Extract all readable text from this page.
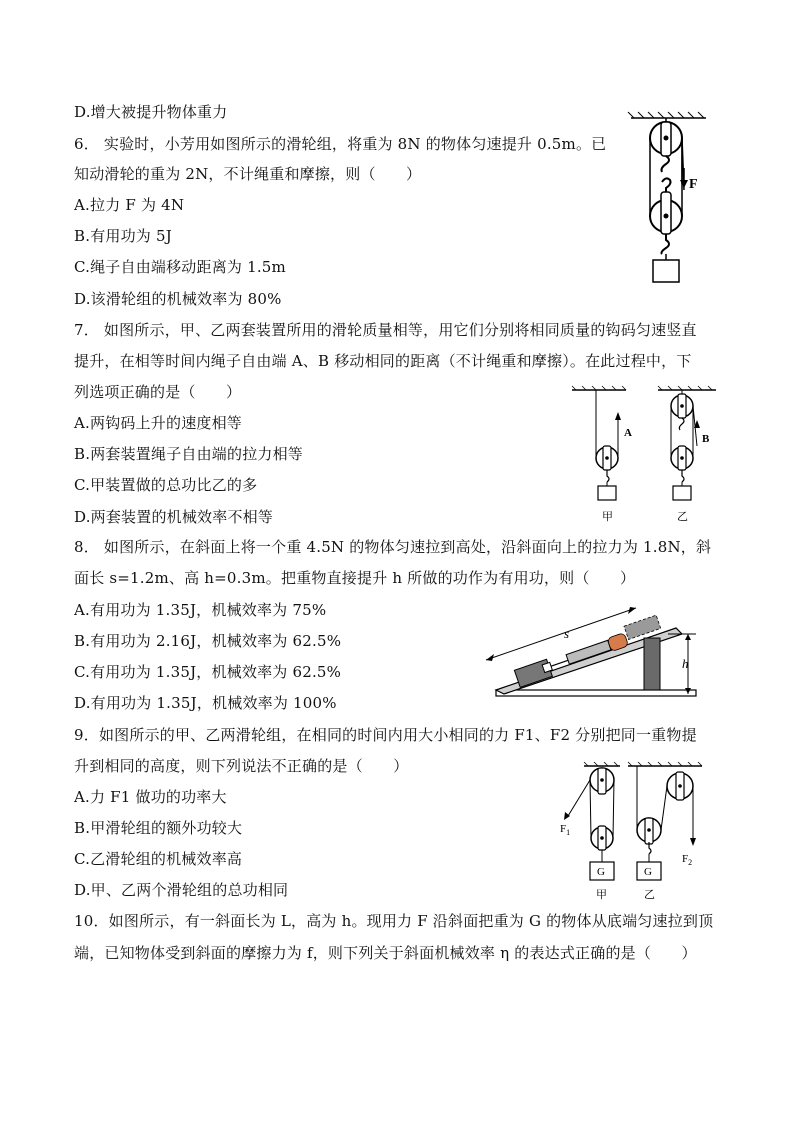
D.增大被提升物体重力
6． 实验时，小芳用如图所示的滑轮组，将重为 8N 的物体匀速提升 0.5m。已
知动滑轮的重为 2N，不计绳重和摩擦，则（　　）
A.拉力 F 为 4N
B.有用功为 5J
C.绳子自由端移动距离为 1.5m
D.该滑轮组的机械效率为 80%
7． 如图所示，甲、乙两套装置所用的滑轮质量相等，用它们分别将相同质量的钩码匀速竖直
提升，在相等时间内绳子自由端 A、B 移动相同的距离（不计绳重和摩擦）。在此过程中，下
列选项正确的是（　　）
A.两钩码上升的速度相等
B.两套装置绳子自由端的拉力相等
C.甲装置做的总功比乙的多
D.两套装置的机械效率不相等
8． 如图所示，在斜面上将一个重 4.5N 的物体匀速拉到高处，沿斜面向上的拉力为 1.8N，斜
面长 s=1.2m、高 h=0.3m。把重物直接提升 h 所做的功作为有用功，则（　　）
A.有用功为 1.35J，机械效率为 75%
B.有用功为 2.16J，机械效率为 62.5%
C.有用功为 1.35J，机械效率为 62.5%
D.有用功为 1.35J，机械效率为 100%
9．如图所示的甲、乙两滑轮组，在相同的时间内用大小相同的力 F1、F2 分别把同一重物提
升到相同的高度，则下列说法不正确的是（　　）
A.力 F1 做功的功率大
B.甲滑轮组的额外功较大
C.乙滑轮组的机械效率高
D.甲、乙两个滑轮组的总功相同
10．如图所示，有一斜面长为 L，高为 h。现用力 F 沿斜面把重为 G 的物体从底端匀速拉到顶
端，已知物体受到斜面的摩擦力为 f，则下列关于斜面机械效率 η 的表达式正确的是（　　）
F
A
甲
B
乙
s
h
$F_1$
G
甲
$F_2$
G
乙
